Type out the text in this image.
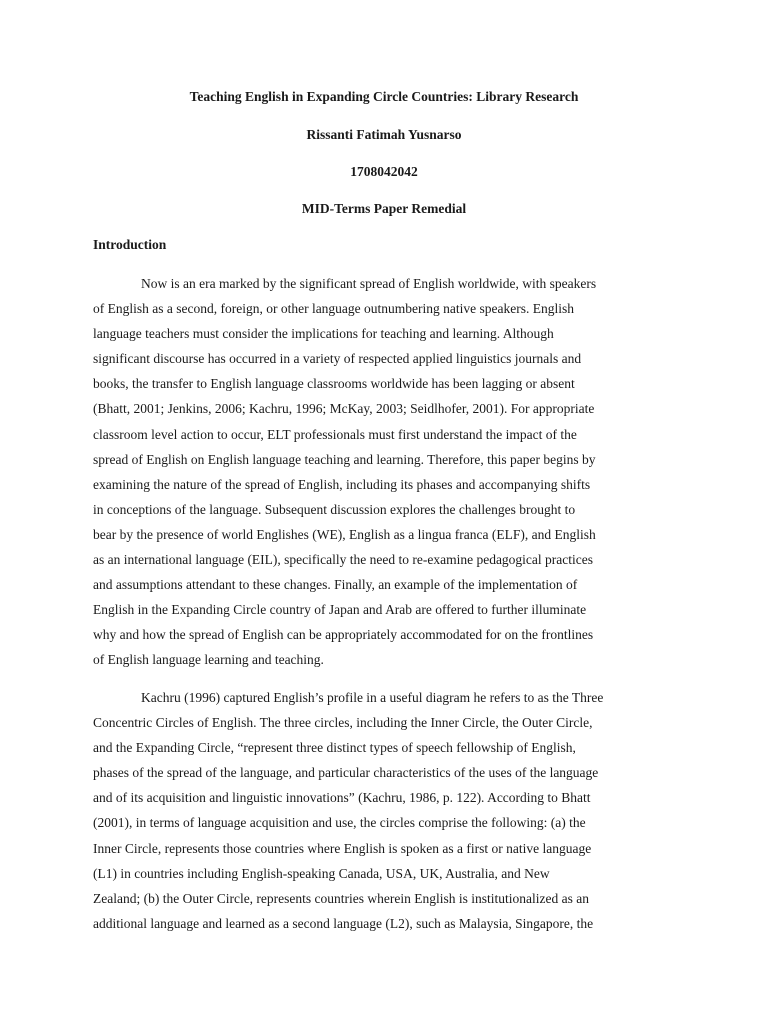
Teaching English in Expanding Circle Countries: Library Research
Rissanti Fatimah Yusnarso
1708042042
MID-Terms Paper Remedial
Introduction

Now is an era marked by the significant spread of English worldwide, with speakers
of English as a second, foreign, or other language outnumbering native speakers. English
language teachers must consider the implications for teaching and learning. Although
significant discourse has occurred in a variety of respected applied linguistics journals and
books, the transfer to English language classrooms worldwide has been lagging or absent
(Bhatt, 2001; Jenkins, 2006; Kachru, 1996; McKay, 2003; Seidlhofer, 2001). For appropriate
classroom level action to occur, ELT professionals must first understand the impact of the
spread of English on English language teaching and learning. Therefore, this paper begins by
examining the nature of the spread of English, including its phases and accompanying shifts
in conceptions of the language. Subsequent discussion explores the challenges brought to
bear by the presence of world Englishes (WE), English as a lingua franca (ELF), and English
as an international language (EIL), specifically the need to re-examine pedagogical practices
and assumptions attendant to these changes. Finally, an example of the implementation of
English in the Expanding Circle country of Japan and Arab are offered to further illuminate
why and how the spread of English can be appropriately accommodated for on the frontlines
of English language learning and teaching.

Kachru (1996) captured English’s profile in a useful diagram he refers to as the Three
Concentric Circles of English. The three circles, including the Inner Circle, the Outer Circle,
and the Expanding Circle, “represent three distinct types of speech fellowship of English,
phases of the spread of the language, and particular characteristics of the uses of the language
and of its acquisition and linguistic innovations” (Kachru, 1986, p. 122). According to Bhatt
(2001), in terms of language acquisition and use, the circles comprise the following: (a) the
Inner Circle, represents those countries where English is spoken as a first or native language
(L1) in countries including English-speaking Canada, USA, UK, Australia, and New
Zealand; (b) the Outer Circle, represents countries wherein English is institutionalized as an
additional language and learned as a second language (L2), such as Malaysia, Singapore, the
